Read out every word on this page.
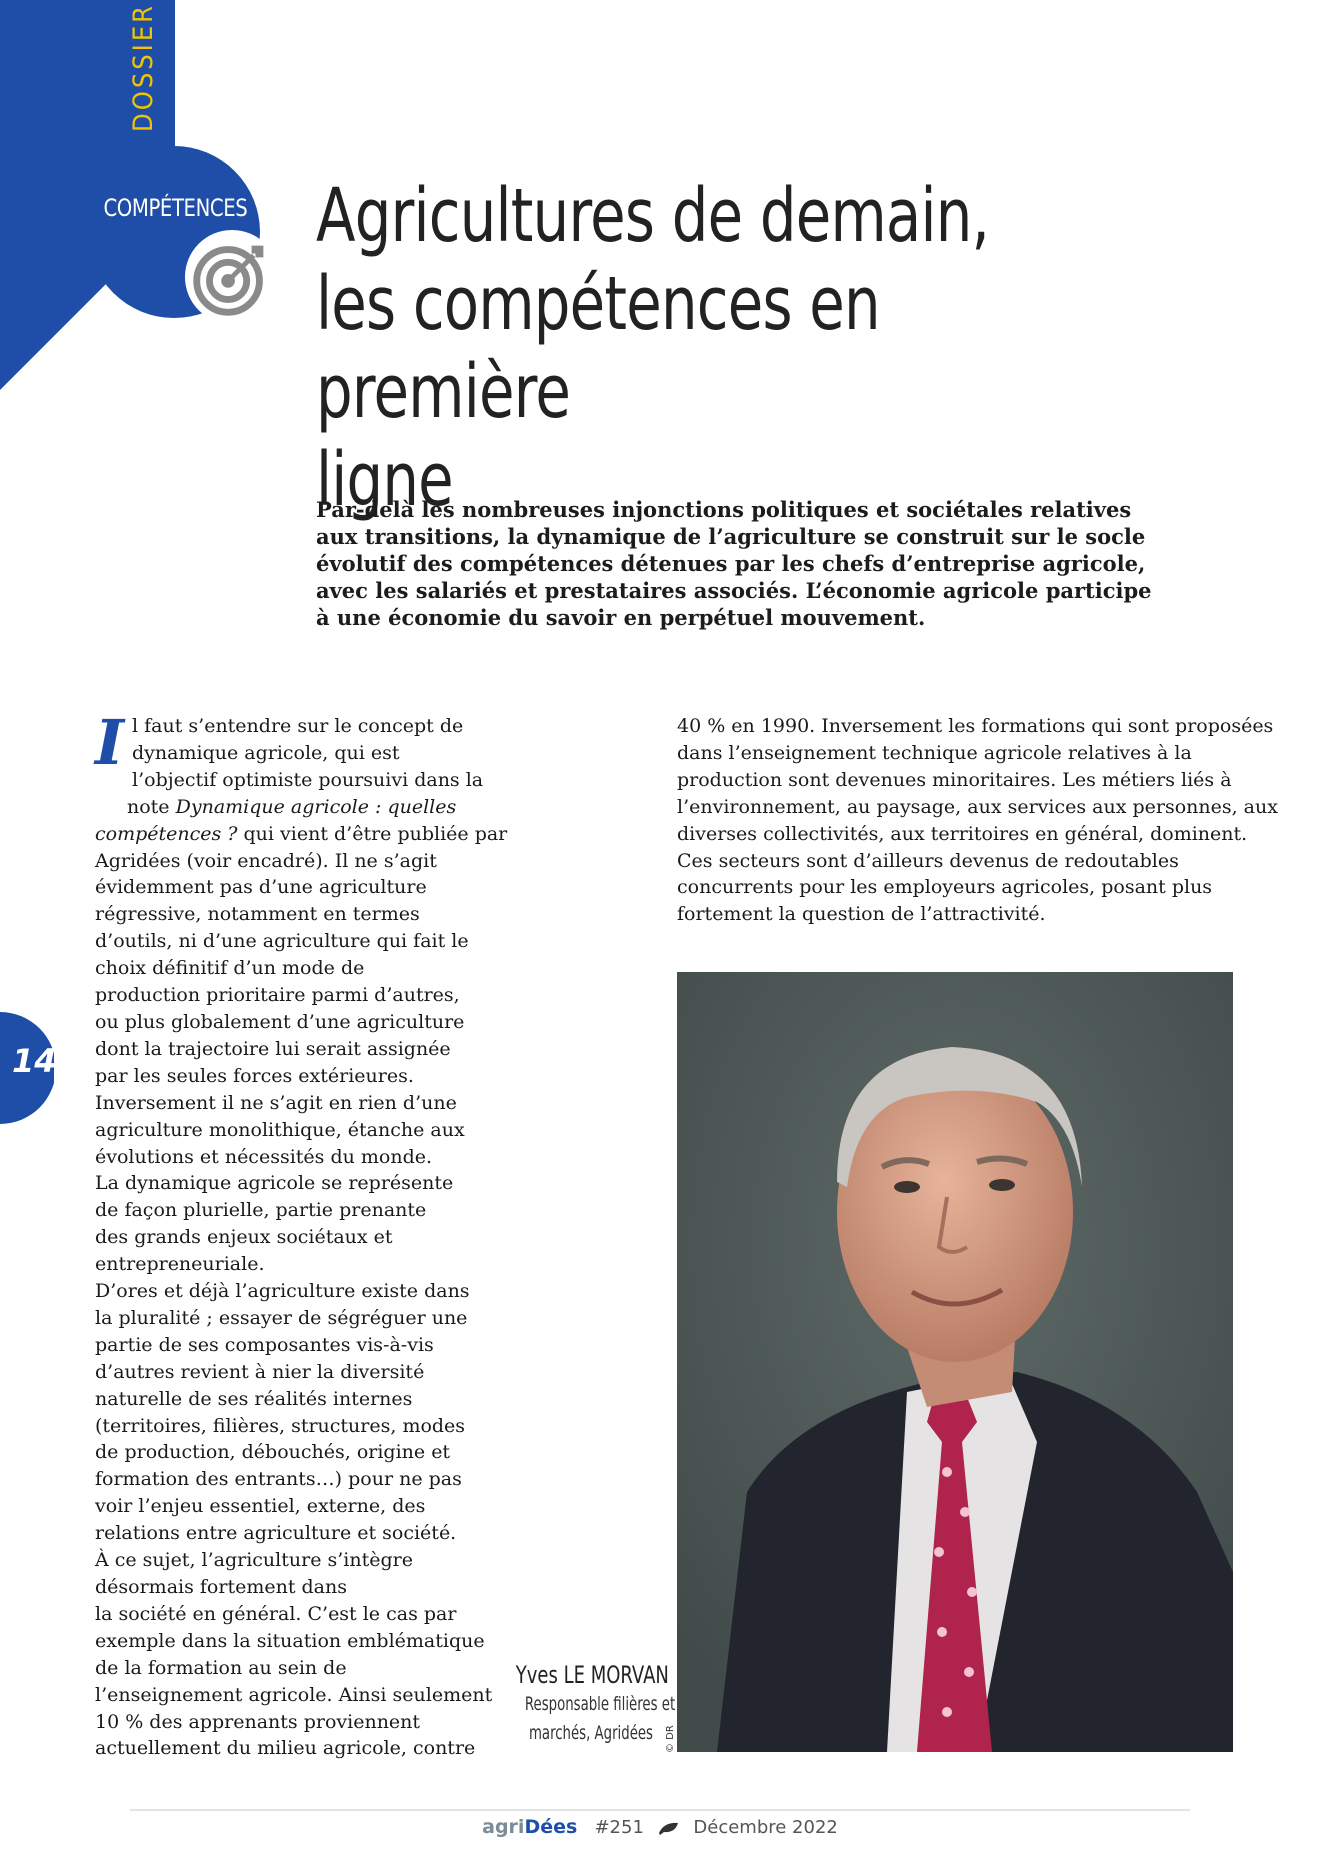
DOSSIER
COMPÉTENCES Agricultures de demain,
les compétences en première
ligne

Par-delà les nombreuses injonctions politiques et sociétales relatives aux transitions, la dynamique de l’agriculture se construit sur le socle évolutif des compétences détenues par les chefs d’entreprise agricole, avec les salariés et prestataires associés. L’économie agricole participe à une économie du savoir en perpétuel mouvement.

I l faut s’entendre sur le concept de
dynamique agricole, qui est
l’objectif optimiste poursuivi dans la
note Dynamique agricole : quelles
compétences ? qui vient d’être publiée par
Agridées (voir encadré). Il ne s’agit
évidemment pas d’une agriculture
régressive, notamment en termes
d’outils, ni d’une agriculture qui fait le
choix définitif d’un mode de
production prioritaire parmi d’autres,
ou plus globalement d’une agriculture
dont la trajectoire lui serait assignée
par les seules forces extérieures.
Inversement il ne s’agit en rien d’une
agriculture monolithique, étanche aux
évolutions et nécessités du monde.
La dynamique agricole se représente
de façon plurielle, partie prenante
des grands enjeux sociétaux et
entrepreneuriale.
D’ores et déjà l’agriculture existe dans
la pluralité ; essayer de ségréguer une
partie de ses composantes vis-à-vis
d’autres revient à nier la diversité
naturelle de ses réalités internes
(territoires, filières, structures, modes
de production, débouchés, origine et
formation des entrants…) pour ne pas
voir l’enjeu essentiel, externe, des
relations entre agriculture et société.
À ce sujet, l’agriculture s’intègre
désormais fortement dans
la société en général. C’est le cas par
exemple dans la situation emblématique
de la formation au sein de
l’enseignement agricole. Ainsi seulement
10 % des apprenants proviennent
actuellement du milieu agricole, contre
40 % en 1990. Inversement les formations qui sont proposées
dans l’enseignement technique agricole relatives à la
production sont devenues minoritaires. Les métiers liés à
l’environnement, au paysage, aux services aux personnes, aux
diverses collectivités, aux territoires en général, dominent.
Ces secteurs sont d’ailleurs devenus de redoutables
concurrents pour les employeurs agricoles, posant plus
fortement la question de l’attractivité.
© DR
Yves LE MORVAN
Responsable filières et
marchés, Agridées
14
agriDées #251	Décembre 2022
